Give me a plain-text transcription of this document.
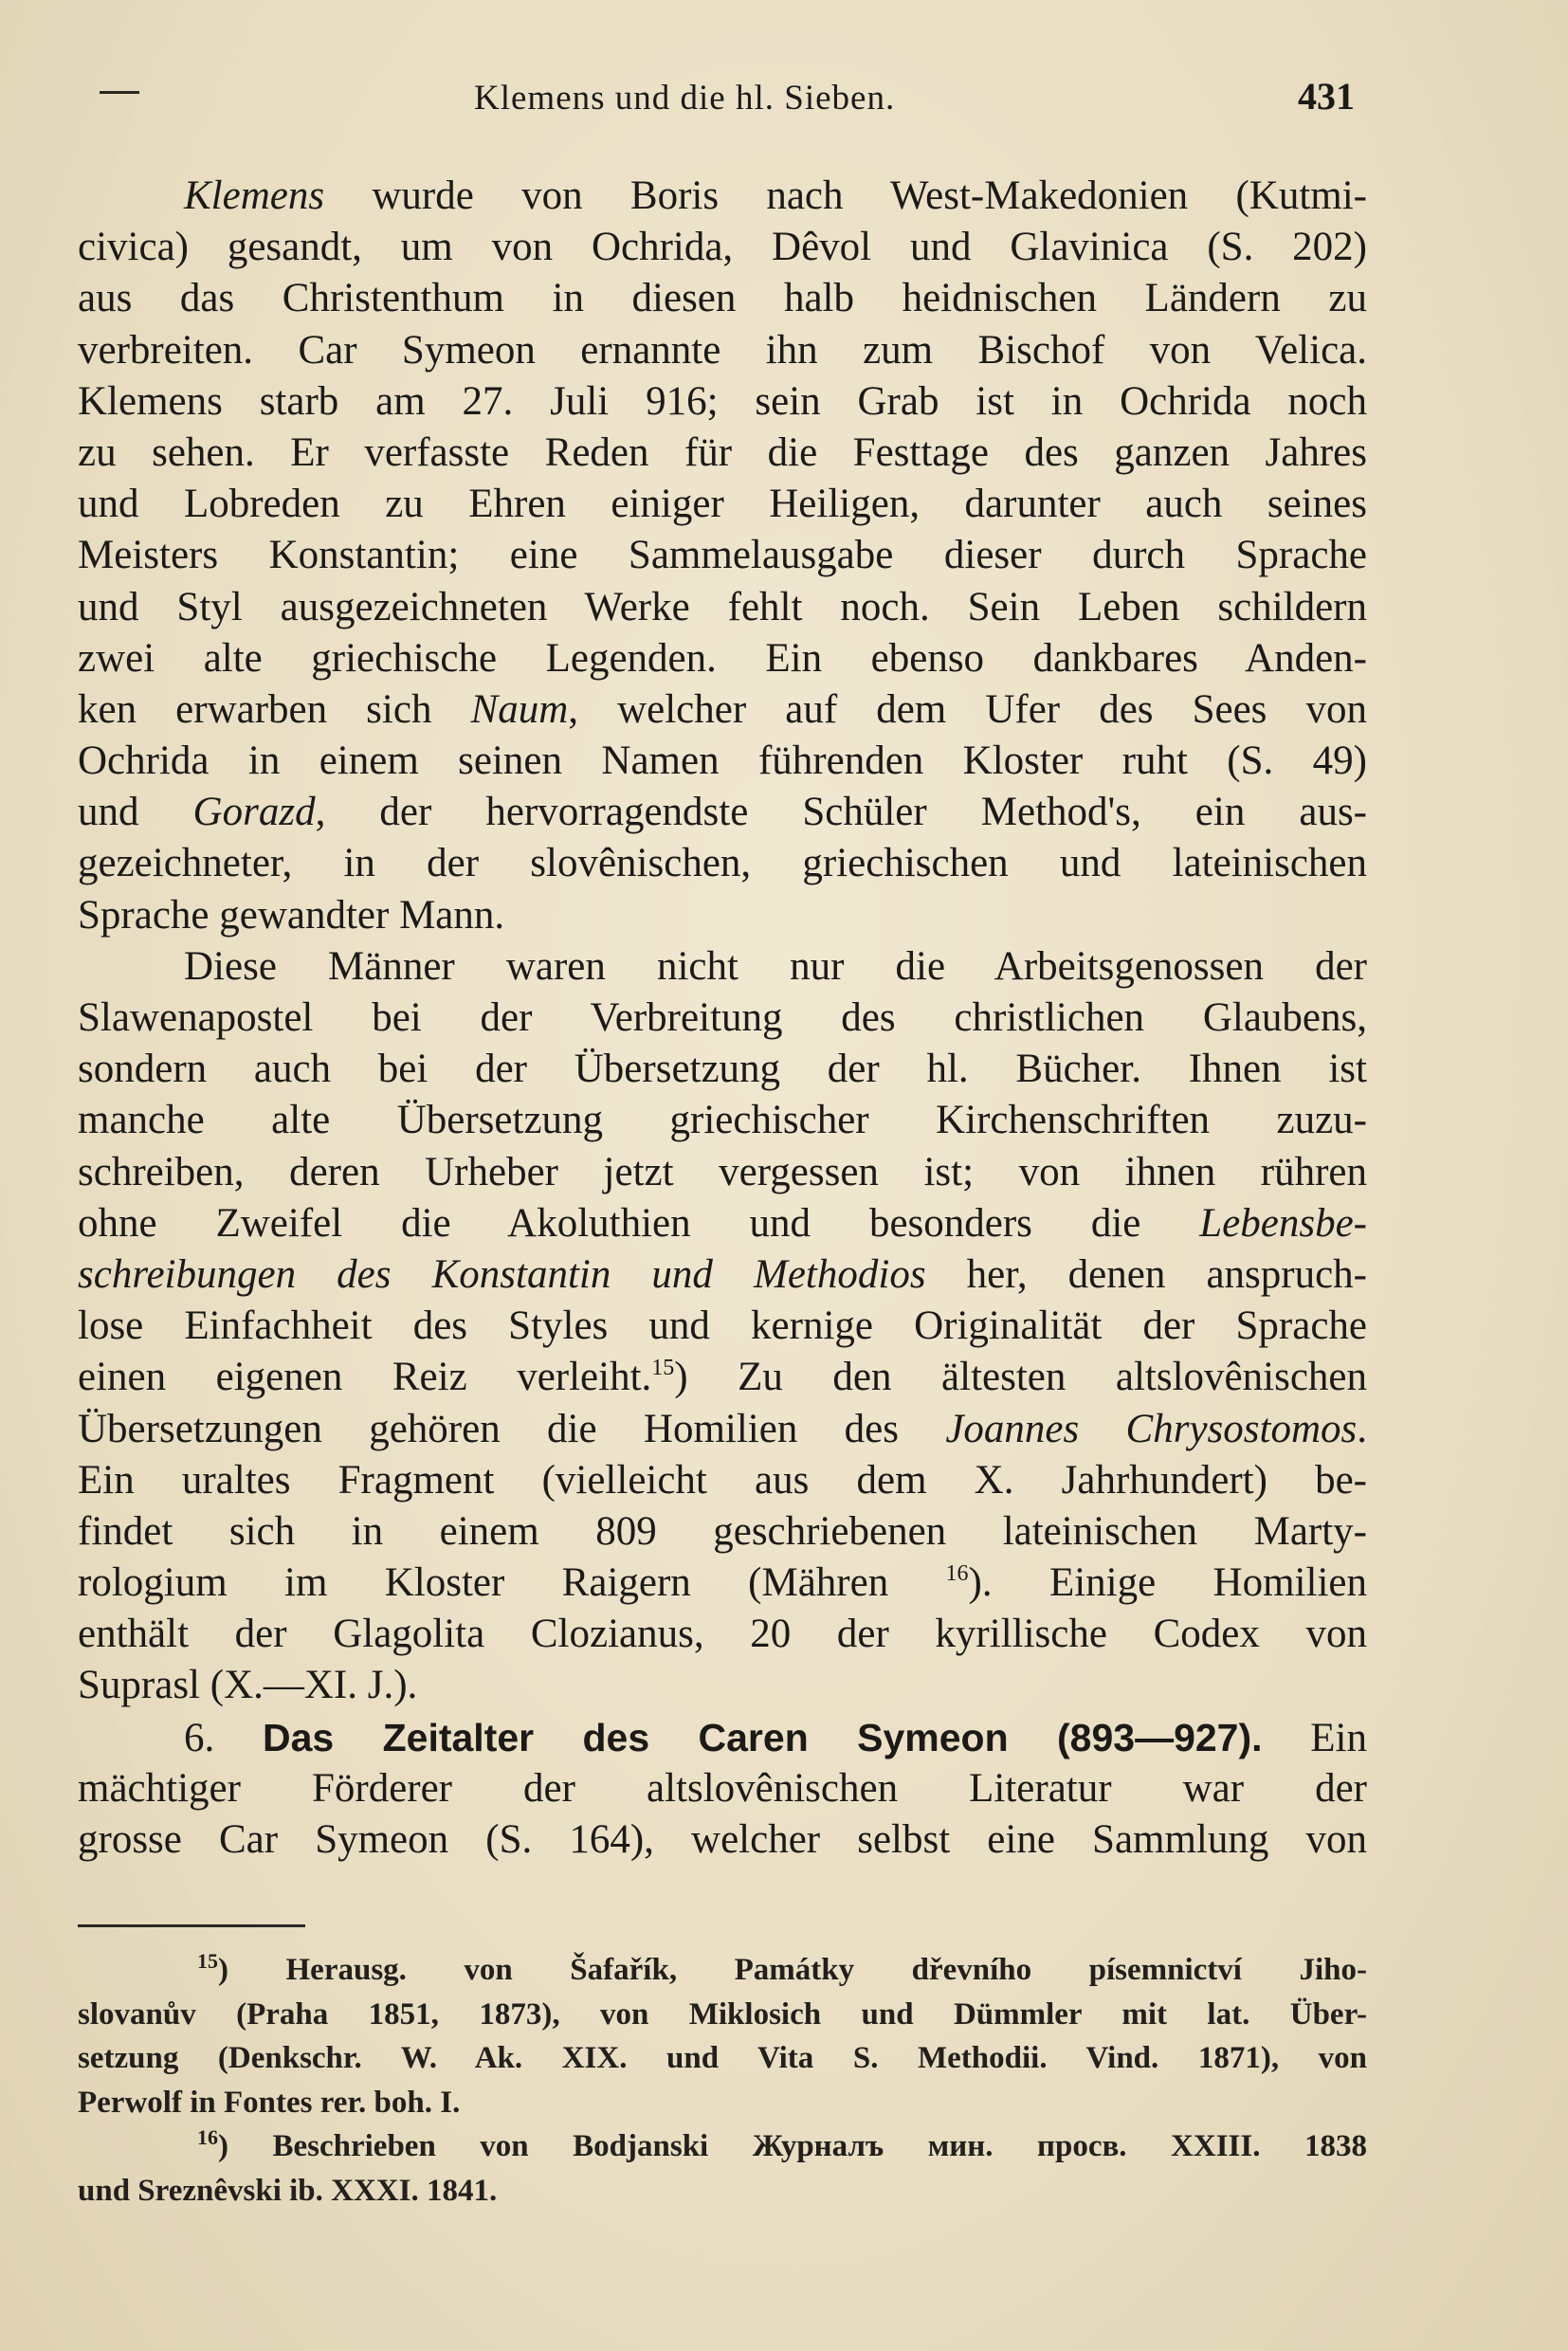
Klemens und die hl. Sieben.	431
Klemens wurde von Boris nach West-Makedonien (Kutmi-
civica) gesandt, um von Ochrida, Dêvol und Glavinica (S. 202)
aus das Christenthum in diesen halb heidnischen Ländern zu
verbreiten. Car Symeon ernannte ihn zum Bischof von Velica.
Klemens starb am 27. Juli 916; sein Grab ist in Ochrida noch
zu sehen. Er verfasste Reden für die Festtage des ganzen Jahres
und Lobreden zu Ehren einiger Heiligen, darunter auch seines
Meisters Konstantin; eine Sammelausgabe dieser durch Sprache
und Styl ausgezeichneten Werke fehlt noch. Sein Leben schildern
zwei alte griechische Legenden. Ein ebenso dankbares Anden-
ken erwarben sich Naum, welcher auf dem Ufer des Sees von
Ochrida in einem seinen Namen führenden Kloster ruht (S. 49)
und Gorazd, der hervorragendste Schüler Method's, ein aus-
gezeichneter, in der slovênischen, griechischen und lateinischen
Sprache gewandter Mann.
Diese Männer waren nicht nur die Arbeitsgenossen der
Slawenapostel bei der Verbreitung des christlichen Glaubens,
sondern auch bei der Übersetzung der hl. Bücher. Ihnen ist
manche alte Übersetzung griechischer Kirchenschriften zuzu-
schreiben, deren Urheber jetzt vergessen ist; von ihnen rühren
ohne Zweifel die Akoluthien und besonders die Lebensbe-
schreibungen des Konstantin und Methodios her, denen anspruch-
lose Einfachheit des Styles und kernige Originalität der Sprache
einen eigenen Reiz verleiht.$^{15}$) Zu den ältesten altslovênischen
Übersetzungen gehören die Homilien des Joannes Chrysostomos.
Ein uraltes Fragment (vielleicht aus dem X. Jahrhundert) be-
findet sich in einem 809 geschriebenen lateinischen Marty-
rologium im Kloster Raigern (Mähren $^{16}$). Einige Homilien
enthält der Glagolita Clozianus, 20 der kyrillische Codex von
Suprasl (X.—XI. J.).
6. Das Zeitalter des Caren Symeon (893—927). Ein
mächtiger Förderer der altslovênischen Literatur war der
grosse Car Symeon (S. 164), welcher selbst eine Sammlung von
$^{15}$) Herausg. von Šafařík, Památky dřevního písemnictví Jiho-
slovanův (Praha 1851, 1873), von Miklosich und Dümmler mit lat. Über-
setzung (Denkschr. W. Ak. XIX. und Vita S. Methodii. Vind. 1871), von
Perwolf in Fontes rer. boh. I.
$^{16}$) Beschrieben von Bodjanski Журналъ мин. просв. XXIII. 1838
und Sreznêvski ib. XXXI. 1841.
